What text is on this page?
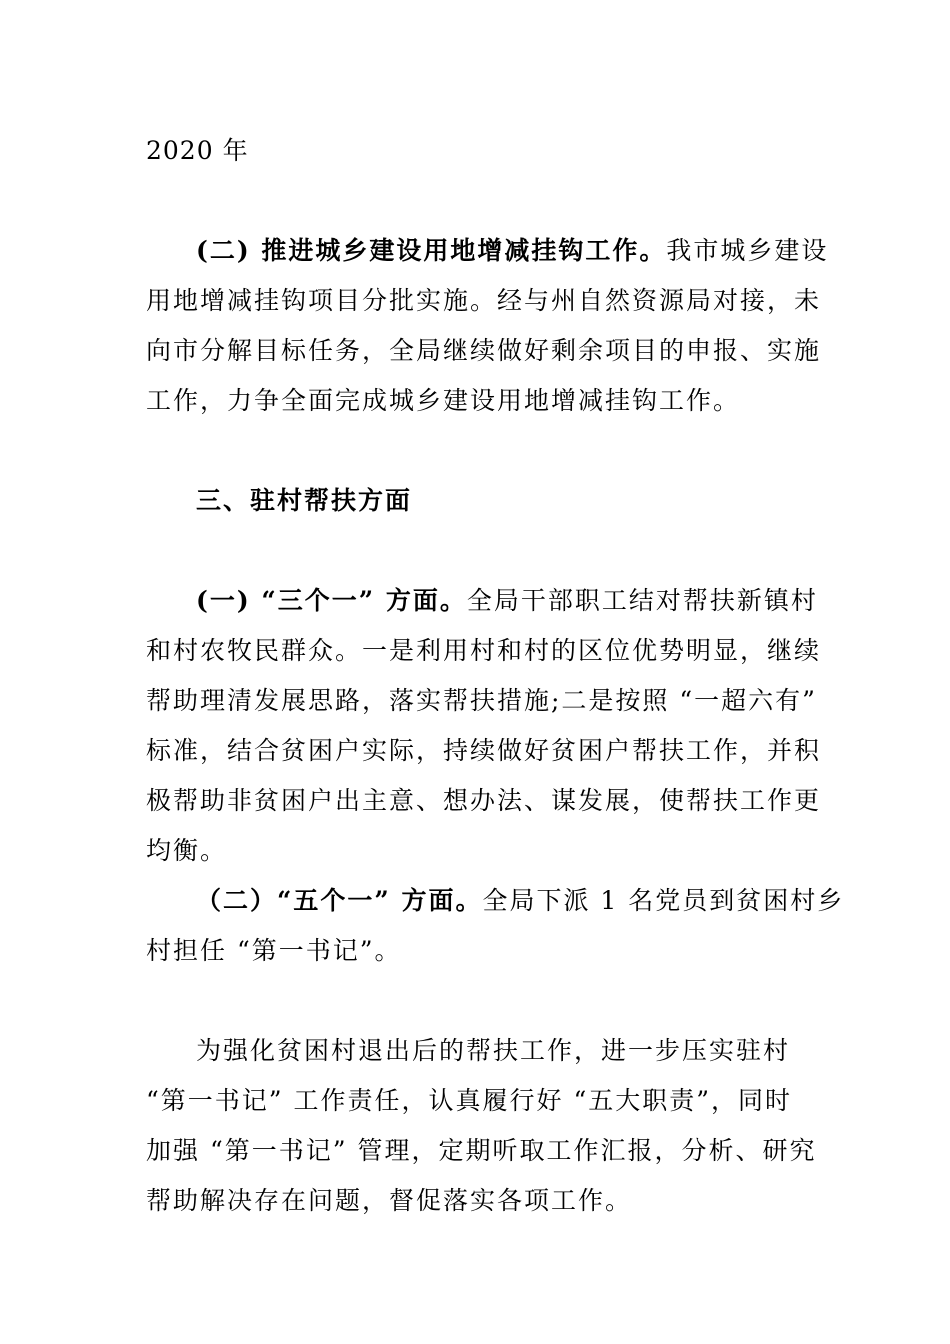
2020 年
(二) 推进城乡建设用地增减挂钩工作。我市城乡建设
用地增减挂钩项目分批实施。经与州自然资源局对接，未
向市分解目标任务，全局继续做好剩余项目的申报、实施
工作，力争全面完成城乡建设用地增减挂钩工作。
三、驻村帮扶方面
(一) “三个一” 方面。全局干部职工结对帮扶新镇村
和村农牧民群众。一是利用村和村的区位优势明显，继续
帮助理清发展思路，落实帮扶措施;二是按照 “一超六有”
标准，结合贫困户实际，持续做好贫困户帮扶工作，并积
极帮助非贫困户出主意、想办法、谋发展，使帮扶工作更
均衡。
（二）“五个一” 方面。全局下派 1 名党员到贫困村乡
村担任 “第一书记”。
为强化贫困村退出后的帮扶工作，进一步压实驻村
“第一书记” 工作责任，认真履行好 “五大职责”，同时
加强 “第一书记” 管理，定期听取工作汇报，分析、研究
帮助解决存在问题，督促落实各项工作。
